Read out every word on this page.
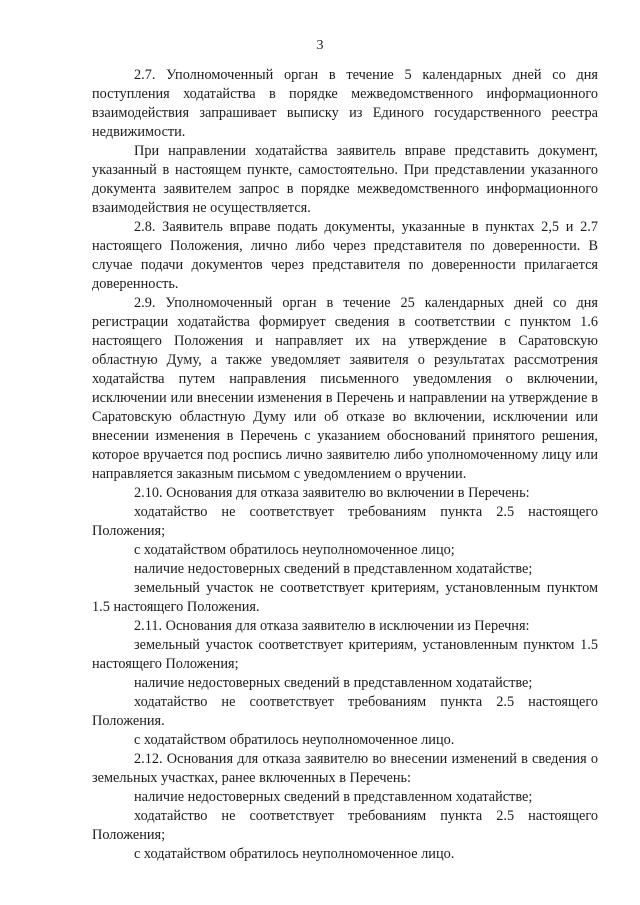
3

2.7. Уполномоченный орган в течение 5 календарных дней со дня поступления ходатайства в порядке межведомственного информационного взаимодействия запрашивает выписку из Единого государственного реестра недвижимости.

При направлении ходатайства заявитель вправе представить документ, указанный в настоящем пункте, самостоятельно. При представлении указанного документа заявителем запрос в порядке межведомственного информационного взаимодействия не осуществляется.

2.8. Заявитель вправе подать документы, указанные в пунктах 2,5 и 2.7 настоящего Положения, лично либо через представителя по доверенности. В случае подачи документов через представителя по доверенности прилагается доверенность.

2.9. Уполномоченный орган в течение 25 календарных дней со дня регистрации ходатайства формирует сведения в соответствии с пунктом 1.6 настоящего Положения и направляет их на утверждение в Саратовскую областную Думу, а также уведомляет заявителя о результатах рассмотрения ходатайства путем направления письменного уведомления о включении, исключении или внесении изменения в Перечень и направлении на утверждение в Саратовскую областную Думу или об отказе во включении, исключении или внесении изменения в Перечень с указанием обоснований принятого решения, которое вручается под роспись лично заявителю либо уполномоченному лицу или направляется заказным письмом с уведомлением о вручении.

2.10. Основания для отказа заявителю во включении в Перечень:

ходатайство не соответствует требованиям пункта 2.5 настоящего Положения;

с ходатайством обратилось неуполномоченное лицо;

наличие недостоверных сведений в представленном ходатайстве;

земельный участок не соответствует критериям, установленным пунктом 1.5 настоящего Положения.

2.11. Основания для отказа заявителю в исключении из Перечня:

земельный участок соответствует критериям, установленным пунктом 1.5 настоящего Положения;

наличие недостоверных сведений в представленном ходатайстве;

ходатайство не соответствует требованиям пункта 2.5 настоящего Положения.

с ходатайством обратилось неуполномоченное лицо.

2.12. Основания для отказа заявителю во внесении изменений в сведения о земельных участках, ранее включенных в Перечень:

наличие недостоверных сведений в представленном ходатайстве;

ходатайство не соответствует требованиям пункта 2.5 настоящего Положения;

с ходатайством обратилось неуполномоченное лицо.
